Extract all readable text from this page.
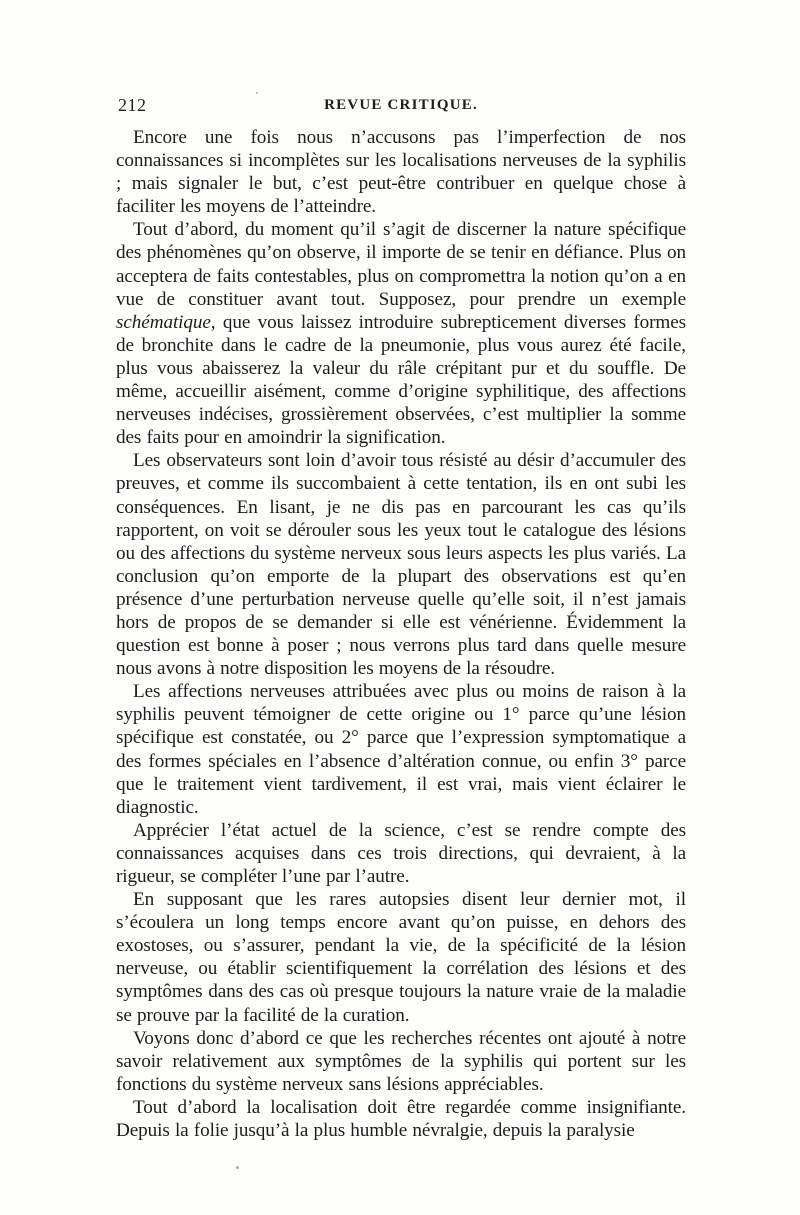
212	REVUE CRITIQUE.

Encore une fois nous n’accusons pas l’imperfection de nos connaissances si incomplètes sur les localisations nerveuses de la syphilis ; mais signaler le but, c’est peut-être contribuer en quelque chose à faciliter les moyens de l’atteindre.

Tout d’abord, du moment qu’il s’agit de discerner la nature spécifique des phénomènes qu’on observe, il importe de se tenir en défiance. Plus on acceptera de faits contestables, plus on compromettra la notion qu’on a en vue de constituer avant tout. Supposez, pour prendre un exemple schématique, que vous laissez introduire subrepticement diverses formes de bronchite dans le cadre de la pneumonie, plus vous aurez été facile, plus vous abaisserez la valeur du râle crépitant pur et du souffle. De même, accueillir aisément, comme d’origine syphilitique, des affections nerveuses indécises, grossièrement observées, c’est multiplier la somme des faits pour en amoindrir la signification.

Les observateurs sont loin d’avoir tous résisté au désir d’accumuler des preuves, et comme ils succombaient à cette tentation, ils en ont subi les conséquences. En lisant, je ne dis pas en parcourant les cas qu’ils rapportent, on voit se dérouler sous les yeux tout le catalogue des lésions ou des affections du système nerveux sous leurs aspects les plus variés. La conclusion qu’on emporte de la plupart des observations est qu’en présence d’une perturbation nerveuse quelle qu’elle soit, il n’est jamais hors de propos de se demander si elle est vénérienne. Évidemment la question est bonne à poser ; nous verrons plus tard dans quelle mesure nous avons à notre disposition les moyens de la résoudre.

Les affections nerveuses attribuées avec plus ou moins de raison à la syphilis peuvent témoigner de cette origine ou 1° parce qu’une lésion spécifique est constatée, ou 2° parce que l’expression symptomatique a des formes spéciales en l’absence d’altération connue, ou enfin 3° parce que le traitement vient tardivement, il est vrai, mais vient éclairer le diagnostic.

Apprécier l’état actuel de la science, c’est se rendre compte des connaissances acquises dans ces trois directions, qui devraient, à la rigueur, se compléter l’une par l’autre.

En supposant que les rares autopsies disent leur dernier mot, il s’écoulera un long temps encore avant qu’on puisse, en dehors des exostoses, ou s’assurer, pendant la vie, de la spécificité de la lésion nerveuse, ou établir scientifiquement la corrélation des lésions et des symptômes dans des cas où presque toujours la nature vraie de la maladie se prouve par la facilité de la curation.

Voyons donc d’abord ce que les recherches récentes ont ajouté à notre savoir relativement aux symptômes de la syphilis qui portent sur les fonctions du système nerveux sans lésions appréciables.

Tout d’abord la localisation doit être regardée comme insignifiante. Depuis la folie jusqu’à la plus humble névralgie, depuis la paralysie
